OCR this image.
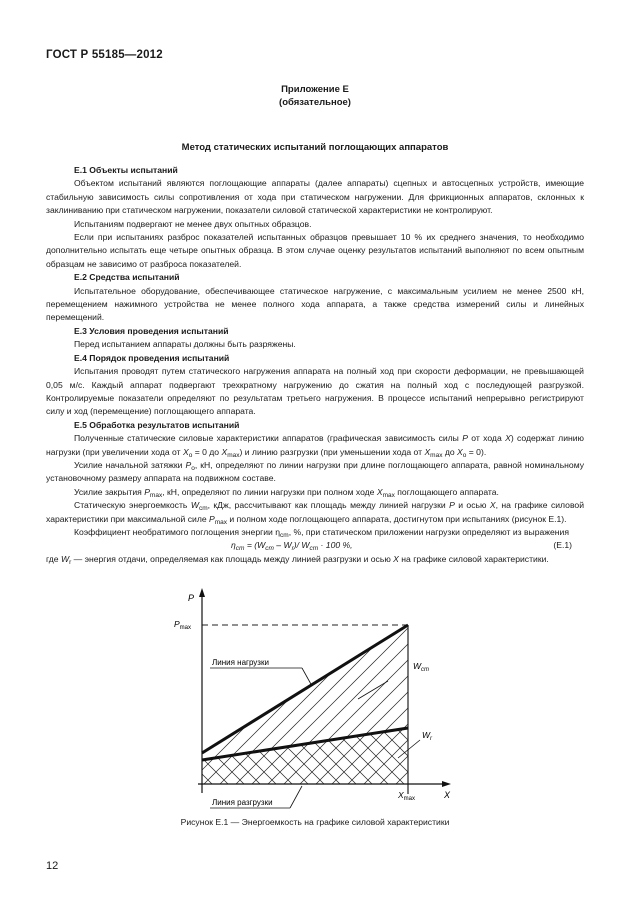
ГОСТ Р 55185—2012
Приложение Е
(обязательное)
Метод статических испытаний поглощающих аппаратов

Е.1 Объекты испытаний

Объектом испытаний являются поглощающие аппараты (далее аппараты) сцепных и автосцепных устройств, имеющие стабильную зависимость силы сопротивления от хода при статическом нагружении. Для фрикционных аппаратов, склонных к заклиниванию при статическом нагружении, показатели силовой статической характеристики не контролируют.

Испытаниям подвергают не менее двух опытных образцов.

Если при испытаниях разброс показателей испытанных образцов превышает 10 % их среднего значения, то необходимо дополнительно испытать еще четыре опытных образца. В этом случае оценку результатов испытаний выполняют по всем опытным образцам не зависимо от разброса показателей.

Е.2 Средства испытаний

Испытательное оборудование, обеспечивающее статическое нагружение, с максимальным усилием не менее 2500 кН, перемещением нажимного устройства не менее полного хода аппарата, а также средства измерений силы и линейных перемещений.

Е.3 Условия проведения испытаний

Перед испытанием аппараты должны быть разряжены.

Е.4 Порядок проведения испытаний

Испытания проводят путем статического нагружения аппарата на полный ход при скорости деформации, не превышающей 0,05 м/с. Каждый аппарат подвергают трехкратному нагружению до сжатия на полный ход с последующей разгрузкой. Контролируемые показатели определяют по результатам третьего нагружения. В процессе испытаний непрерывно регистрируют силу и ход (перемещение) поглощающего аппарата.

Е.5 Обработка результатов испытаний

Полученные статические силовые характеристики аппаратов (графическая зависимость силы P от хода X) содержат линию нагрузки (при увеличении хода от $X_о = 0$ до $X_{max}$) и линию разгрузки (при уменьшении хода от $X_{max}$ до $X_о = 0$).

Усилие начальной затяжки $P_о$, кН, определяют по линии нагрузки при длине поглощающего аппарата, равной номинальному установочному размеру аппарата на подвижном составе.

Усилие закрытия $P_{max}$, кН, определяют по линии нагрузки при полном ходе $X_{max}$ поглощающего аппарата.

Статическую энергоемкость $W_{cm}$, кДж, рассчитывают как площадь между линией нагрузки P и осью X, на графике силовой характеристики при максимальной силе $P_{max}$ и полном ходе поглощающего аппарата, достигнутом при испытаниях (рисунок Е.1).

Коэффициент необратимого поглощения энергии $\eta_{cm}$, %, при статическом приложении нагрузки определяют из выражения

$\eta_{cm} = (W_{cm} - W_r)/$ $W_{cm} \cdot 100$ %,	(Е.1)

где $W_r$ — энергия отдачи, определяемая как площадь между линией разгрузки и осью X на графике силовой характеристики.

P
X
$P_{max}$
$X_{max}$
$W_{cm}$
$W_r$
Линия нагрузки
Линия разгрузки
Рисунок Е.1 — Энергоемкость на графике силовой характеристики
12
